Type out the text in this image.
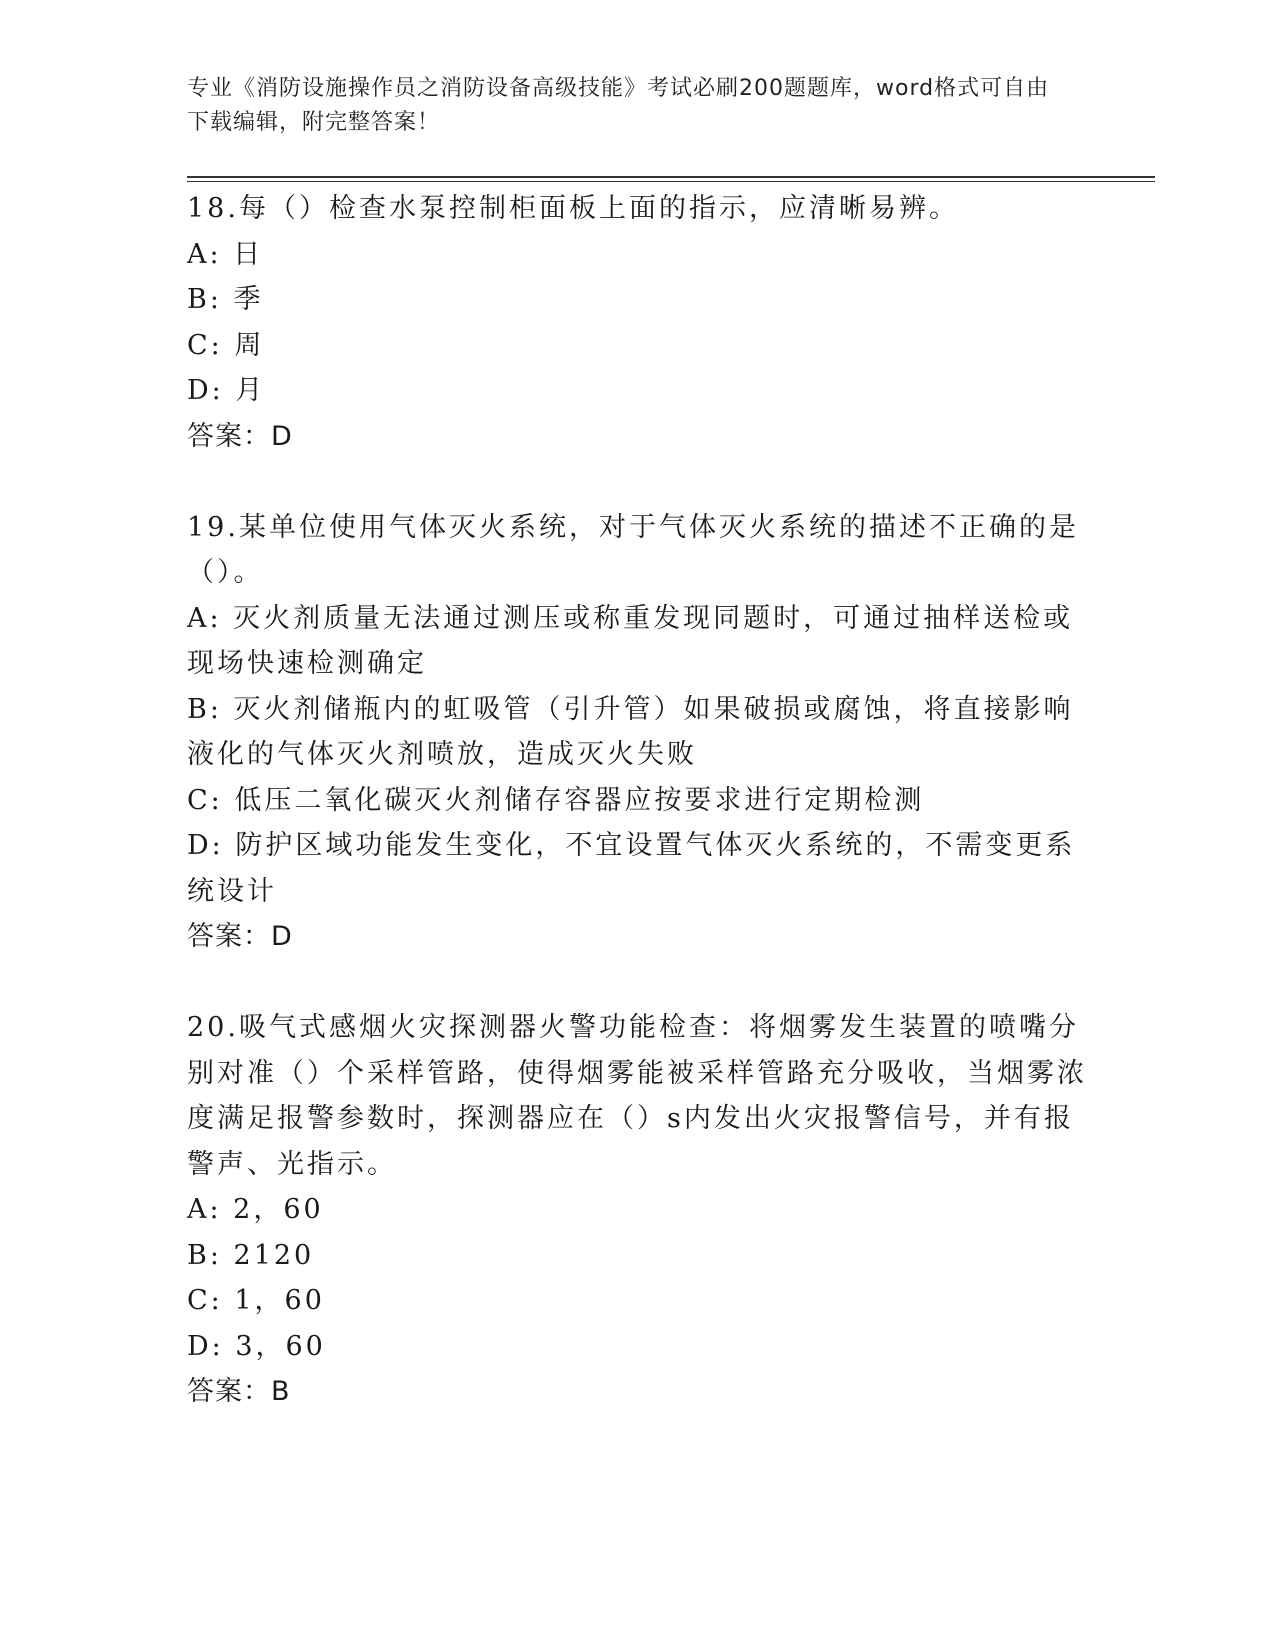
专业《消防设施操作员之消防设备高级技能》考试必刷200题题库，word格式可自由下载编辑，附完整答案！

18.每（）检查水泵控制柜面板上面的指示，应清晰易辨。

A: 日

B: 季

C: 周

D: 月

答案：D

19.某单位使用气体灭火系统，对于气体灭火系统的描述不正确的是（）。

A: 灭火剂质量无法通过测压或称重发现同题时，可通过抽样送检或现场快速检测确定

B: 灭火剂储瓶内的虹吸管（引升管）如果破损或腐蚀，将直接影响液化的气体灭火剂喷放，造成灭火失败

C: 低压二氧化碳灭火剂储存容器应按要求进行定期检测

D: 防护区域功能发生变化，不宜设置气体灭火系统的，不需变更系统设计

答案：D

20.吸气式感烟火灾探测器火警功能检查：将烟雾发生装置的喷嘴分别对准（）个采样管路，使得烟雾能被采样管路充分吸收，当烟雾浓度满足报警参数时，探测器应在（）s内发出火灾报警信号，并有报警声、光指示。

A: 2，60

B: 2120

C: 1，60

D: 3，60

答案：B
